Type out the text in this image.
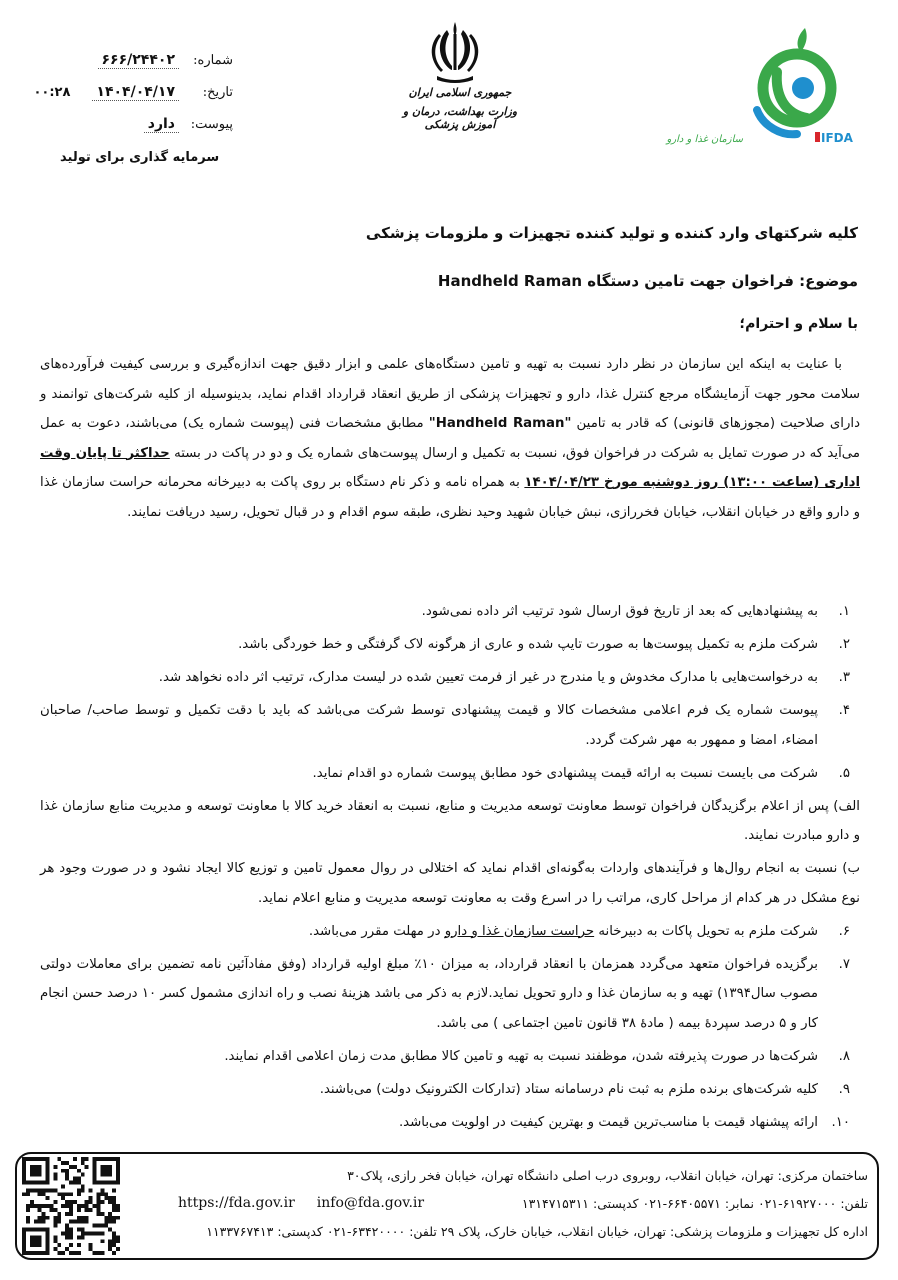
شماره:
۶۶۶/۲۴۴۰۲
تاریخ:
۱۴۰۴/۰۴/۱۷
۰۰:۲۸
پیوست:
دارد
سرمایه گذاری برای تولید
جمهوری اسلامی ایران
وزارت بهداشت، درمان و آموزش پزشکی
سازمان غذا و دارو	IFDA
کلیه شرکتهای وارد کننده و تولید کننده تجهیزات و ملزومات پزشکی
موضوع: فراخوان جهت تامین دستگاه Handheld Raman
با سلام و احترام؛
با عنایت به اینکه این سازمان در نظر دارد نسبت به تهیه و تامین دستگاه‌های علمی و ابزار دقیق جهت اندازه‌گیری و بررسی کیفیت فرآورده‌های سلامت محور جهت آزمایشگاه مرجع کنترل غذا، دارو و تجهیزات پزشکی از طریق انعقاد قرارداد اقدام نماید، بدینوسیله از کلیه شرکت‌های توانمند و دارای صلاحیت (مجوزهای قانونی) که قادر به تامین "Handheld Raman" مطابق مشخصات فنی (پیوست شماره یک) می‌باشند، دعوت به عمل می‌آید که در صورت تمایل به شرکت در فراخوان فوق، نسبت به تکمیل و ارسال پیوست‌های شماره یک و دو در پاکت در بسته حداکثر تا پایان وقت اداری (ساعت ۱۳:۰۰) روز دوشنبه مورخ ۱۴۰۴/۰۴/۲۳ به همراه نامه و ذکر نام دستگاه بر روی پاکت به دبیرخانه محرمانه حراست سازمان غذا و دارو واقع در خیابان انقلاب، خیابان فخررازی، نبش خیابان شهید وحید نظری، طبقه سوم اقدام و در قبال تحویل، رسید دریافت نمایند.
۱.
به پیشنهادهایی که بعد از تاریخ فوق ارسال شود ترتیب اثر داده نمی‌شود.
۲.
شرکت ملزم به تکمیل پیوست‌ها به صورت تایپ شده و عاری از هرگونه لاک گرفتگی و خط خوردگی باشد.
۳.
به درخواست‌هایی با مدارک مخدوش و یا مندرج در غیر از فرمت تعیین شده در لیست مدارک، ترتیب اثر داده نخواهد شد.
۴.
پیوست شماره یک فرم اعلامی مشخصات کالا و قیمت پیشنهادی توسط شرکت می‌باشد که باید با دقت تکمیل و توسط صاحب/ صاحبان امضاء، امضا و ممهور به مهر شرکت گردد.
۵.
شرکت می بایست نسبت به ارائه قیمت پیشنهادی خود مطابق پیوست شماره دو اقدام نماید.
الف) پس از اعلام برگزیدگان فراخوان توسط معاونت توسعه مدیریت و منابع، نسبت به انعقاد خرید کالا با معاونت توسعه و مدیریت منابع سازمان غذا و دارو مبادرت نمایند.
ب) نسبت به انجام روال‌ها و فرآیندهای واردات به‌گونه‌ای اقدام نماید که اختلالی در روال معمول تامین و توزیع کالا ایجاد نشود و در صورت وجود هر نوع مشکل در هر کدام از مراحل کاری، مراتب را در اسرع وقت به معاونت توسعه مدیریت و منابع اعلام نماید.
۶.
شرکت ملزم به تحویل پاکات به دبیرخانه حراست سازمان غذا و دارو در مهلت مقرر می‌باشد.
۷.
برگزیده فراخوان متعهد می‌گردد همزمان با انعقاد قرارداد، به میزان ۱۰٪ مبلغ اولیه قرارداد (وفق مفادآئین نامه تضمین برای معاملات دولتی مصوب سال۱۳۹۴) تهیه و به سازمان غذا و دارو تحویل نماید.لازم به ذکر می باشد هزینهٔ نصب و راه اندازی مشمول کسر ۱۰ درصد حسن انجام کار و ۵ درصد سپردهٔ بیمه ( مادهٔ ۳۸ قانون تامین اجتماعی ) می باشد.
۸.
شرکت‌ها در صورت پذیرفته شدن، موظفند نسبت به تهیه و تامین کالا مطابق مدت زمان اعلامی اقدام نمایند.
۹.
کلیه شرکت‌های برنده ملزم به ثبت نام درسامانه ستاد (تدارکات الکترونیک دولت) می‌باشند.
۱۰.
ارائه پیشنهاد قیمت با مناسب‌ترین قیمت و بهترین کیفیت در اولویت می‌باشد.
ساختمان مرکزی: تهران، خیابان انقلاب، روبروی درب اصلی دانشگاه تهران، خیابان فخر رازی، پلاک۳۰
تلفن: ۶۱۹۲۷۰۰۰-۰۲۱ نمابر: ۶۶۴۰۵۵۷۱-۰۲۱ کدپستی: ۱۳۱۴۷۱۵۳۱۱
اداره کل تجهیزات و ملزومات پزشکی: تهران، خیابان انقلاب، خیابان خارک، پلاک ۲۹ تلفن: ۶۳۴۲۰۰۰۰-۰۲۱ کدپستی: ۱۱۳۳۷۶۷۴۱۳
https://fda.gov.ir info@fda.gov.ir
